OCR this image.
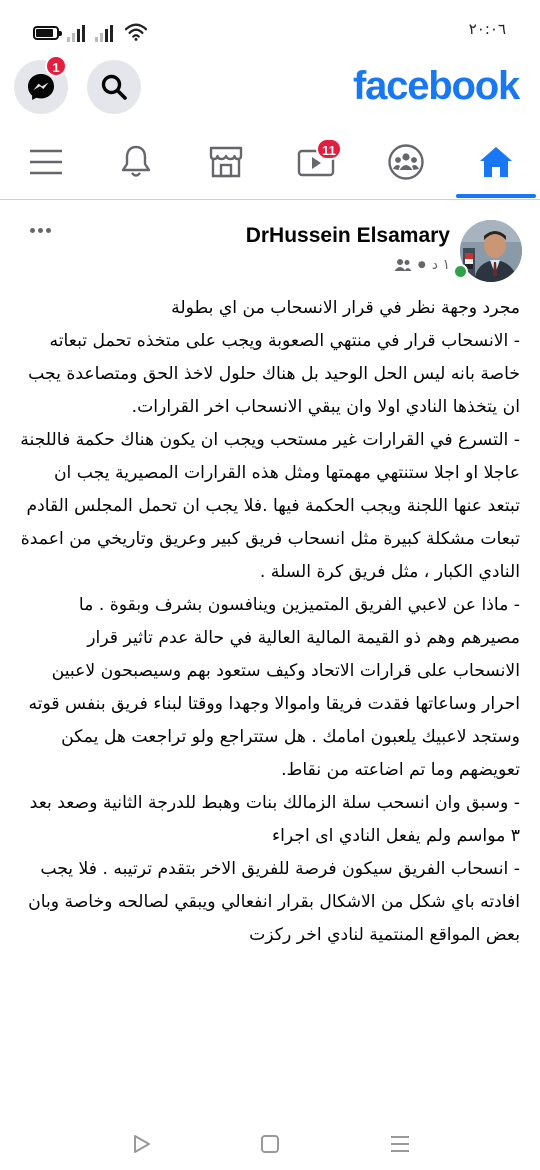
٢٠:٠٦
1	facebook
11
DrHussein Elsamary
● ١ د
مجرد وجهة نظر في قرار الانسحاب من اي بطولة
- الانسحاب قرار في منتهي الصعوبة ويجب على متخذه تحمل تبعاته خاصة بانه ليس الحل الوحيد بل هناك حلول لاخذ الحق ومتصاعدة يجب ان يتخذها النادي اولا وان يبقي الانسحاب اخر القرارات.
- التسرع في القرارات غير مستحب ويجب ان يكون هناك حكمة فاللجنة عاجلا او اجلا ستنتهي مهمتها ومثل هذه القرارات المصيرية يجب ان تبتعد عنها اللجنة ويجب الحكمة فيها .فلا يجب ان تحمل المجلس القادم تبعات مشكلة كبيرة مثل انسحاب فريق كبير وعريق وتاريخي من اعمدة النادي الكبار ، مثل فريق كرة السلة .
- ماذا عن لاعبي الفريق المتميزين وينافسون بشرف وبقوة . ما مصيرهم وهم ذو القيمة المالية العالية في حالة عدم تاثير قرار الانسحاب على قرارات الاتحاد وكيف ستعود بهم وسيصبحون لاعبين احرار وساعاتها فقدت فريقا واموالا وجهدا ووقتا لبناء فريق بنفس قوته وستجد لاعبيك يلعبون امامك . هل ستتراجع ولو تراجعت هل يمكن تعويضهم وما تم اضاعته من نقاط.
- وسبق وان انسحب سلة الزمالك بنات وهبط للدرجة الثانية وصعد بعد ٣ مواسم ولم يفعل النادي اى اجراء
- انسحاب الفريق سيكون فرصة للفريق الاخر بتقدم ترتيبه . فلا يجب افادته باي شكل من الاشكال بقرار انفعالي ويبقي لصالحه وخاصة وبان بعض المواقع المنتمية لنادي اخر ركزت
